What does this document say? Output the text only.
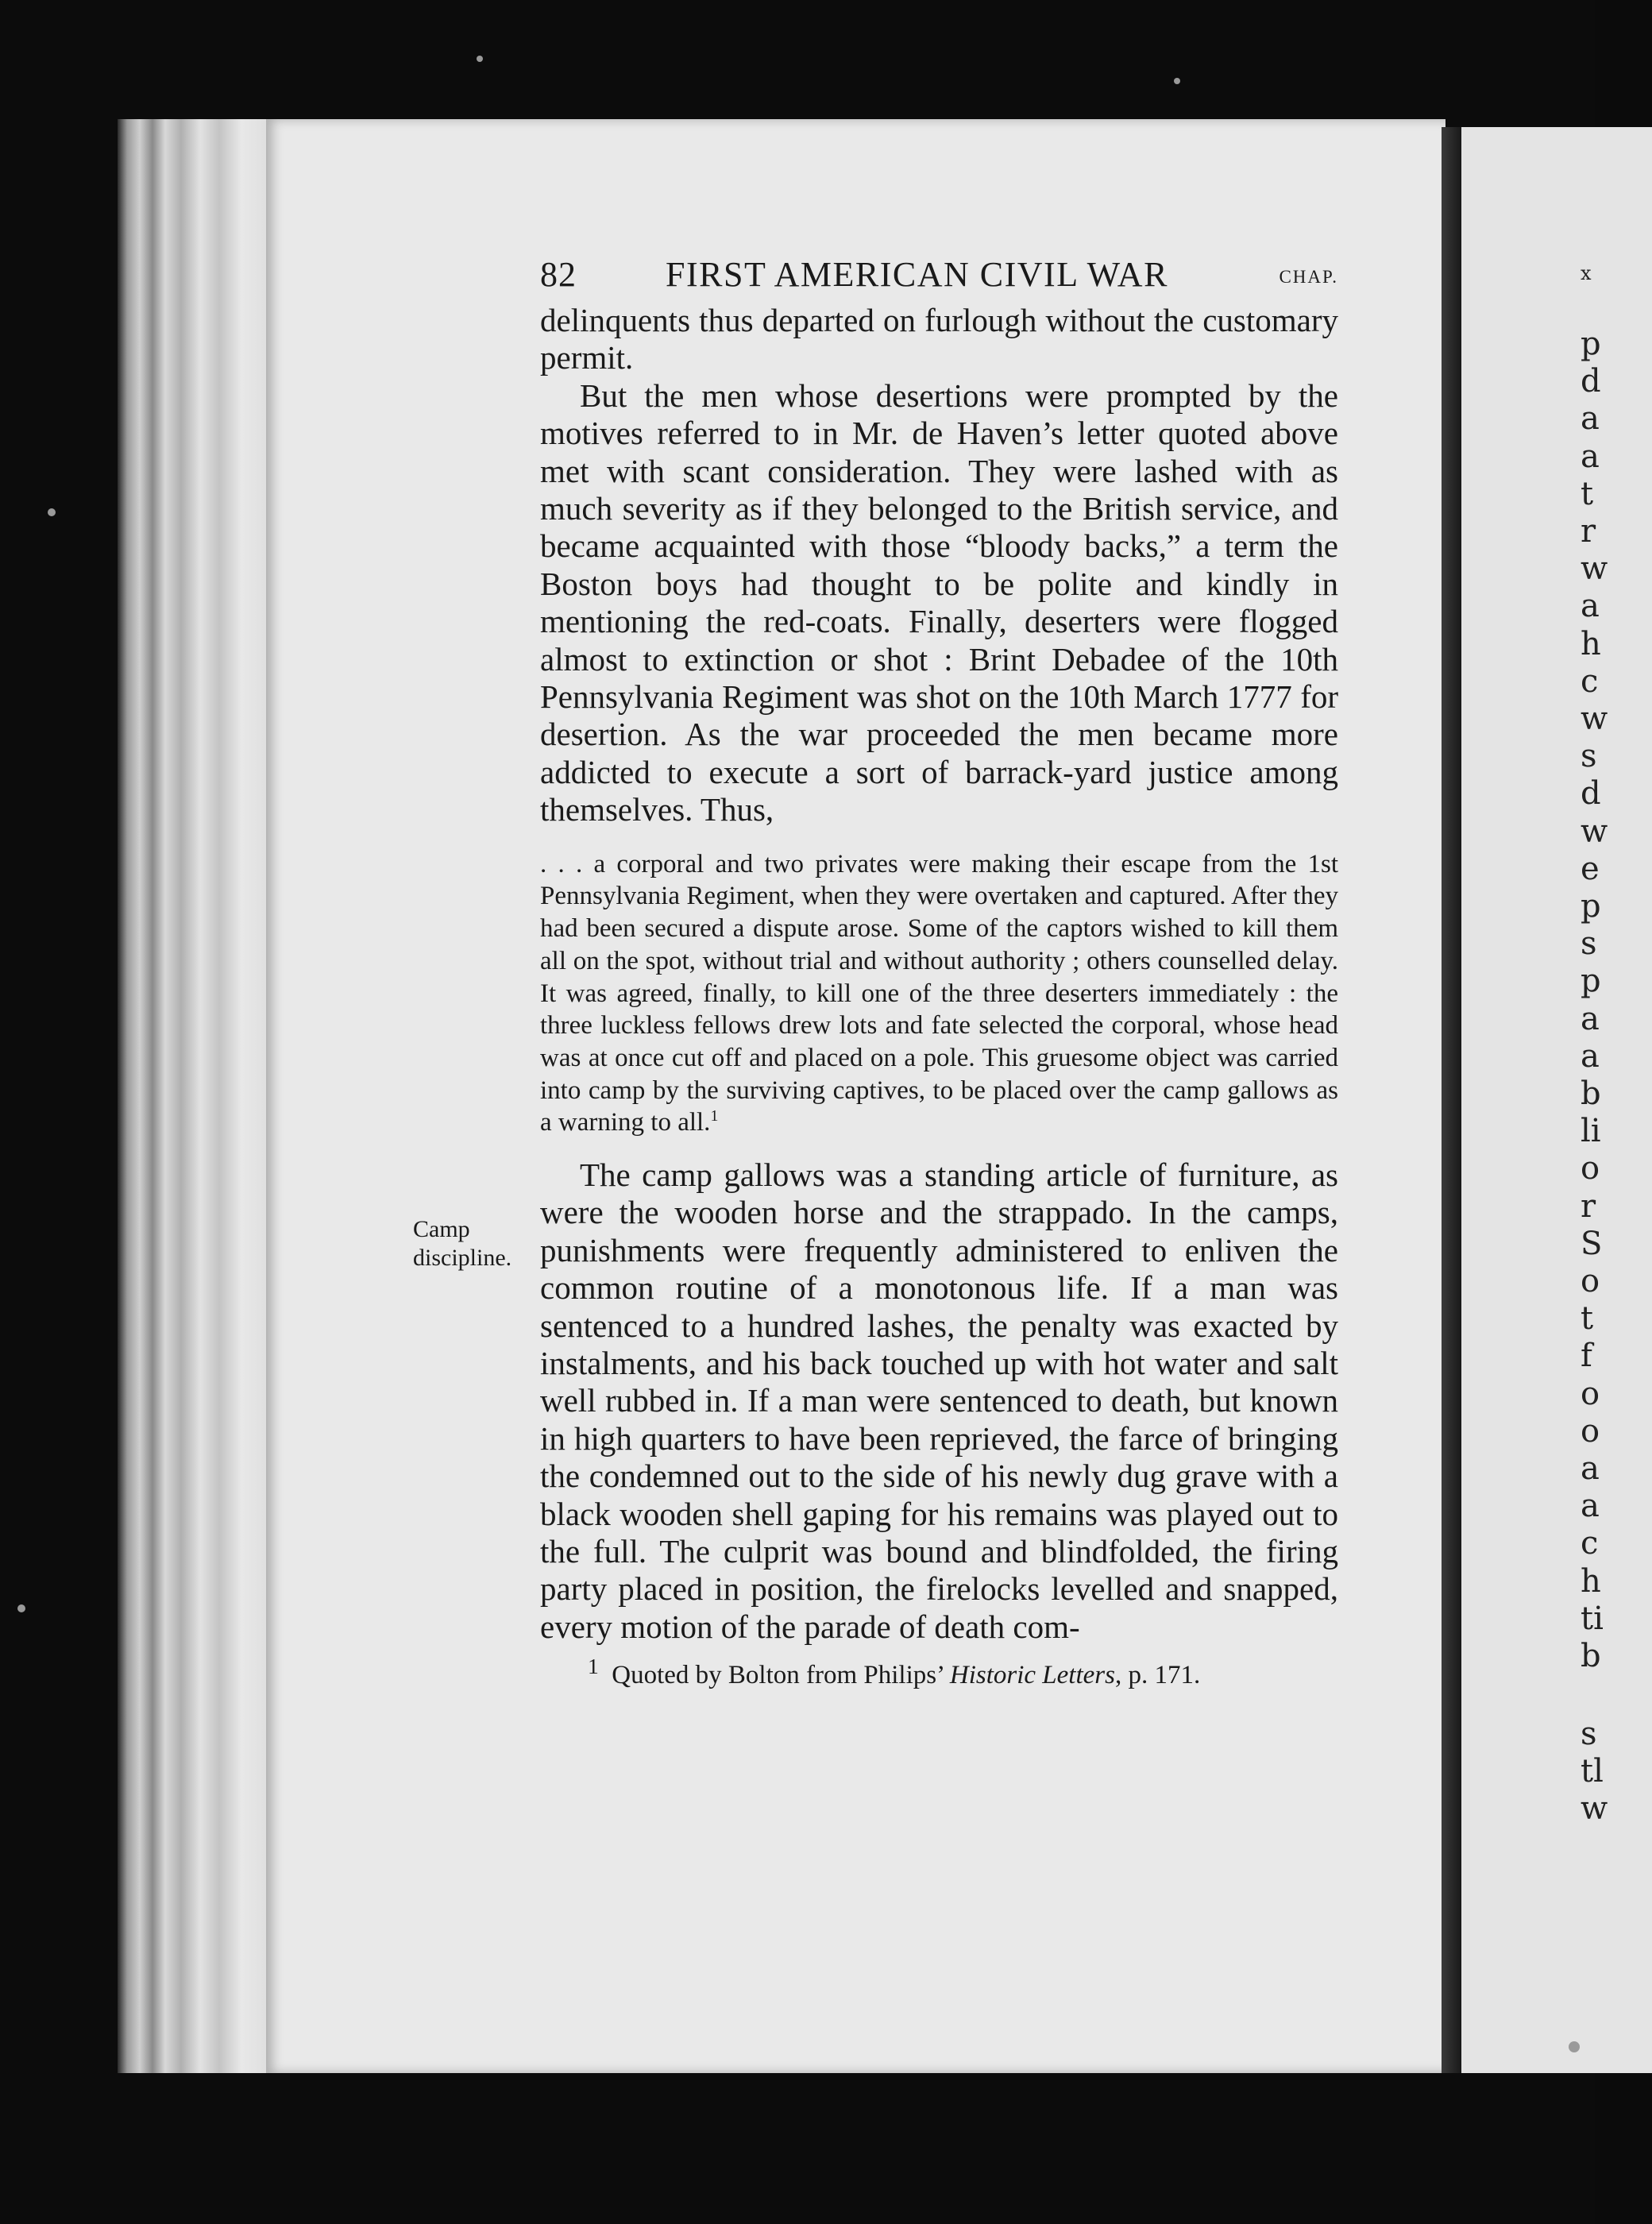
x
p
d
a
a
t
r
w
a
h
c
w
s
d
w
e
p
s
p
a
a
b
li
o
r
S
o
t
f
o
o
a
a
c
h
ti
b
s
tl
w
Camp
discipline.
82	FIRST AMERICAN CIVIL WAR	CHAP.

delinquents thus departed on furlough without the customary permit.

But the men whose desertions were prompted by the motives referred to in Mr. de Haven’s letter quoted above met with scant consideration. They were lashed with as much severity as if they belonged to the British service, and became acquainted with those “bloody backs,” a term the Boston boys had thought to be polite and kindly in mentioning the red-coats. Finally, deserters were flogged almost to extinction or shot : Brint Debadee of the 10th Pennsylvania Regiment was shot on the 10th March 1777 for desertion. As the war proceeded the men became more addicted to execute a sort of barrack-yard justice among themselves. Thus,

. . . a corporal and two privates were making their escape from the 1st Pennsylvania Regiment, when they were overtaken and captured. After they had been secured a dispute arose. Some of the captors wished to kill them all on the spot, without trial and without authority ; others counselled delay. It was agreed, finally, to kill one of the three deserters immediately : the three luckless fellows drew lots and fate selected the corporal, whose head was at once cut off and placed on a pole. This gruesome object was carried into camp by the surviving captives, to be placed over the camp gallows as a warning to all.$^1$

The camp gallows was a standing article of furniture, as were the wooden horse and the strappado. In the camps, punishments were frequently administered to enliven the common routine of a monotonous life. If a man was sentenced to a hundred lashes, the penalty was exacted by instalments, and his back touched up with hot water and salt well rubbed in. If a man were sentenced to death, but known in high quarters to have been reprieved, the farce of bringing the condemned out to the side of his newly dug grave with a black wooden shell gaping for his remains was played out to the full. The culprit was bound and blindfolded, the firing party placed in position, the firelocks levelled and snapped, every motion of the parade of death com-

$^1$ Quoted by Bolton from Philips’ Historic Letters, p. 171.
